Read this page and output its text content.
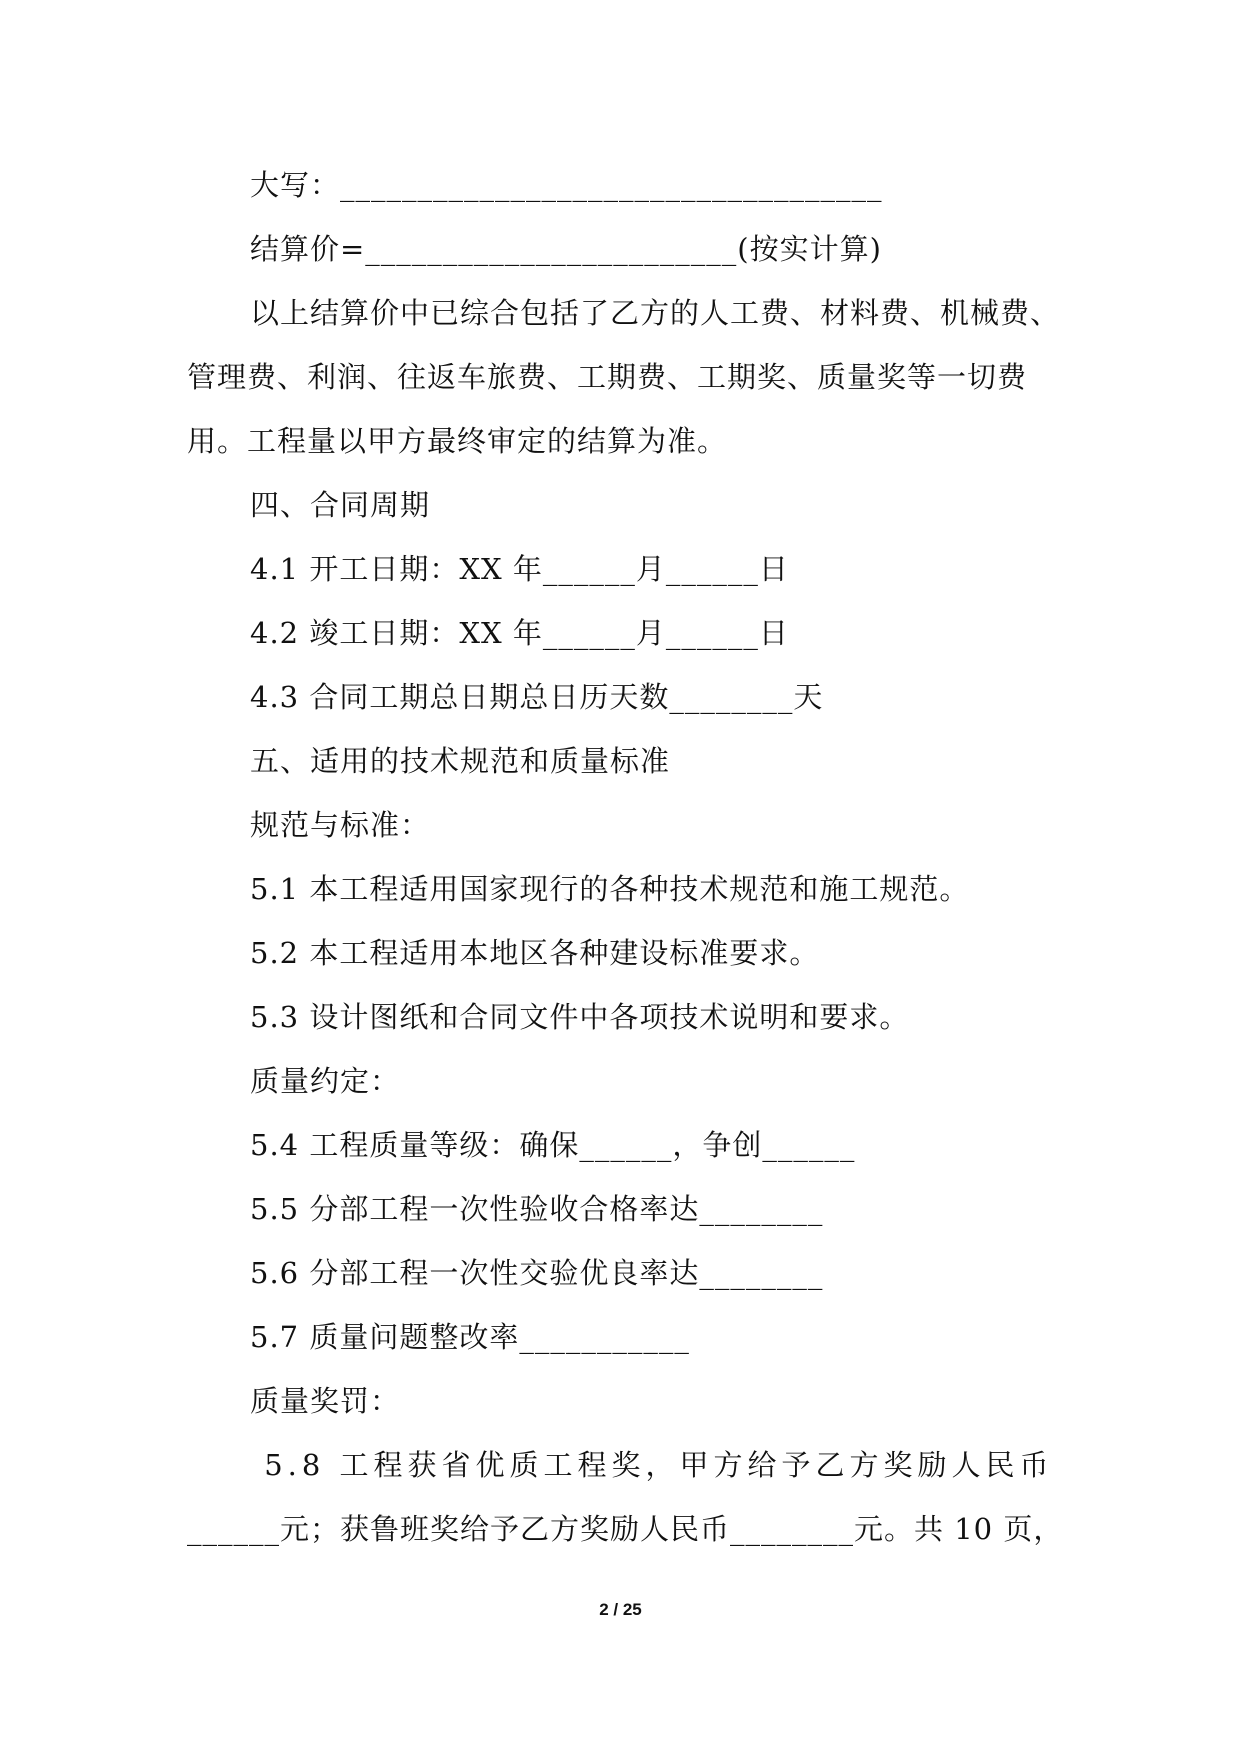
大写：___________________________________
结算价=________________________(按实计算)
以上结算价中已综合包括了乙方的人工费、材料费、机械费、
管理费、利润、往返车旅费、工期费、工期奖、质量奖等一切费
用。工程量以甲方最终审定的结算为准。
四、合同周期
4.1 开工日期：XX 年______月______日
4.2 竣工日期：XX 年______月______日
4.3 合同工期总日期总日历天数________天
五、适用的技术规范和质量标准
规范与标准：
5.1 本工程适用国家现行的各种技术规范和施工规范。
5.2 本工程适用本地区各种建设标准要求。
5.3 设计图纸和合同文件中各项技术说明和要求。
质量约定：
5.4 工程质量等级：确保______，争创______
5.5 分部工程一次性验收合格率达________
5.6 分部工程一次性交验优良率达________
5.7 质量问题整改率___________
质量奖罚：
5.8 工程获省优质工程奖，甲方给予乙方奖励人民币
______元；获鲁班奖给予乙方奖励人民币________元。共 10 页，
2 / 25
